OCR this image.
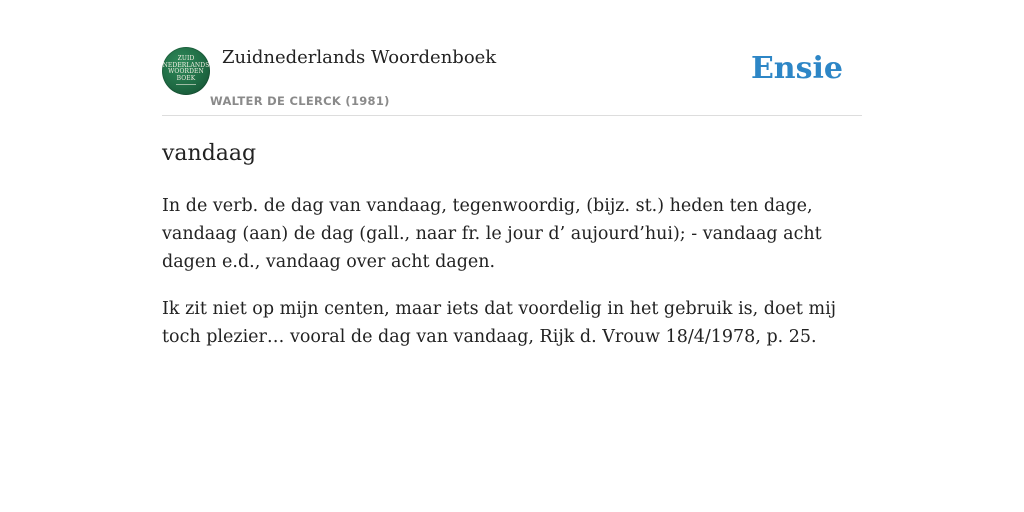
ZUID
NEDERLANDS
WOORDEN
BOEK
Zuidnederlands Woordenboek
WALTER DE CLERCK (1981)
Ensie
vandaag

In de verb. de dag van vandaag, tegenwoordig, (bijz. st.) heden ten dage, vandaag (aan) de dag (gall., naar fr. le jour d’ aujourd’hui); - vandaag acht dagen e.d., vandaag over acht dagen.

Ik zit niet op mijn centen, maar iets dat voordelig in het gebruik is, doet mij toch plezier… vooral de dag van vandaag, Rijk d. Vrouw 18/4/1978, p. 25.
